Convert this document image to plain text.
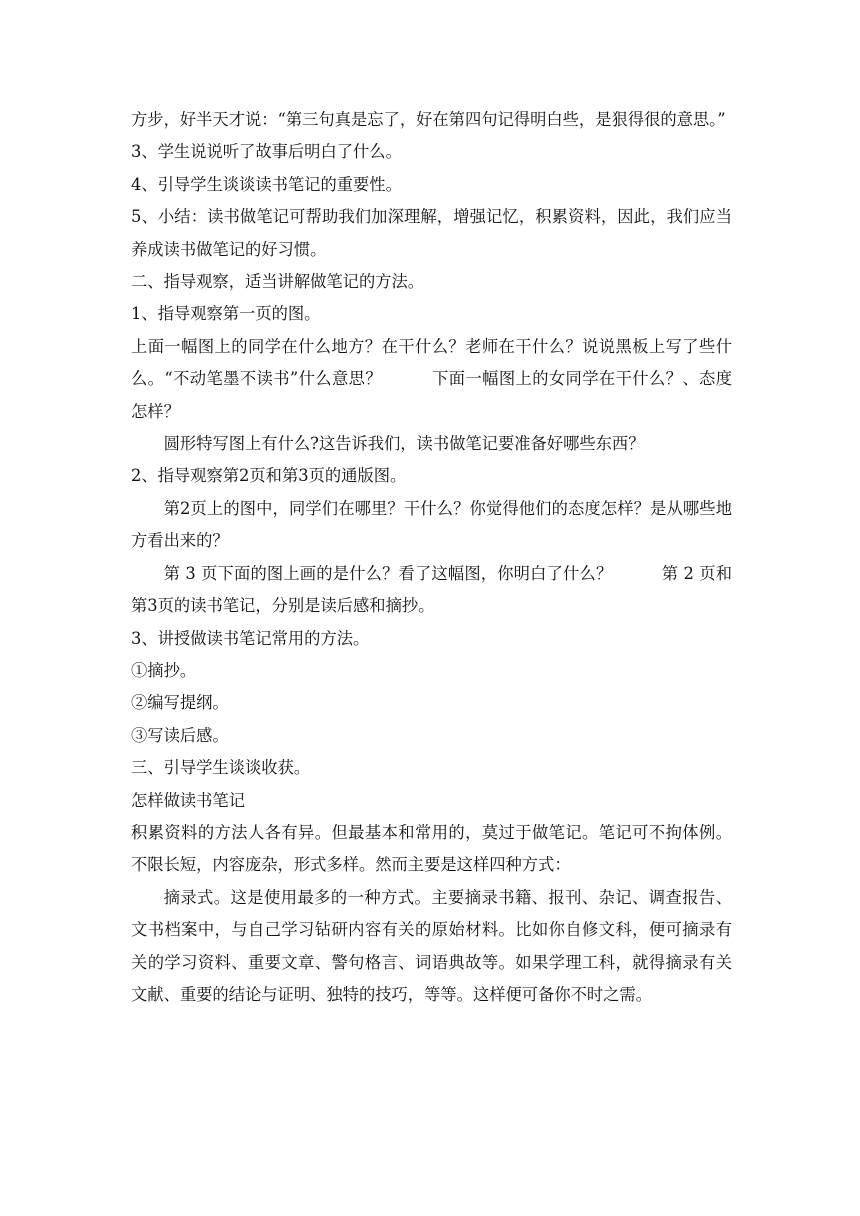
方步，好半天才说：“第三句真是忘了，好在第四句记得明白些，是狠得很的意思。”

3、学生说说听了故事后明白了什么。

4、引导学生谈谈读书笔记的重要性。

5、小结：读书做笔记可帮助我们加深理解，增强记忆，积累资料，因此，我们应当养成读书做笔记的好习惯。

二、指导观察，适当讲解做笔记的方法。

1、指导观察第一页的图。

上面一幅图上的同学在什么地方？在干什么？老师在干什么？说说黑板上写了些什么。“不动笔墨不读书”什么意思？　　　下面一幅图上的女同学在干什么？、态度怎样？

圆形特写图上有什么?这告诉我们，读书做笔记要准备好哪些东西？

2、指导观察第2页和第3页的通版图。

第2页上的图中，同学们在哪里？干什么？你觉得他们的态度怎样？是从哪些地方看出来的？

第 3 页下面的图上画的是什么？看了这幅图，你明白了什么？　　　第 2 页和第3页的读书笔记，分别是读后感和摘抄。

3、讲授做读书笔记常用的方法。

①摘抄。

②编写提纲。

③写读后感。

三、引导学生谈谈收获。

怎样做读书笔记

积累资料的方法人各有异。但最基本和常用的，莫过于做笔记。笔记可不拘体例。不限长短，内容庞杂，形式多样。然而主要是这样四种方式：

摘录式。这是使用最多的一种方式。主要摘录书籍、报刊、杂记、调查报告、文书档案中，与自己学习钻研内容有关的原始材料。比如你自修文科，便可摘录有关的学习资料、重要文章、警句格言、词语典故等。如果学理工科，就得摘录有关文献、重要的结论与证明、独特的技巧，等等。这样便可备你不时之需。
